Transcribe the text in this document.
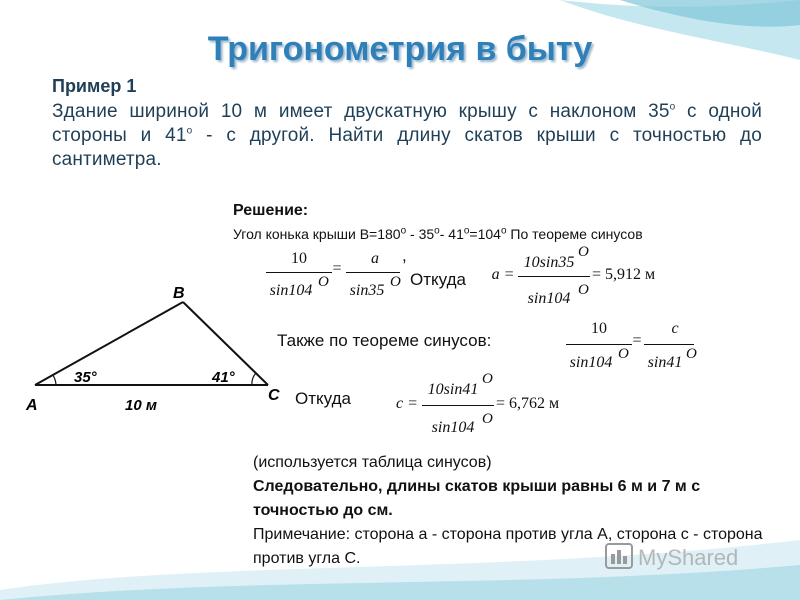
Тригонометрия в быту
Пример 1
Здание шириной 10 м имеет двускатную крышу с наклоном $35^о$ с одной стороны и $41^о$ - с другой. Найти длину скатов крыши с точностью до сантиметра.
Решение:
Угол конька крыши $В=180^о - 35^о-$ $41^о=104^о$ По теореме синусов
10
sin104 O
=
a
sin35 O
,
Откуда a =
10sin35
O
sin104 O
= 5,912 м
Также по теореме синусов:
10
sin104 O
=
c
sin41 O
Откуда	c =
10sin41
O
sin104 O
= 6,762 м
A
B
C
35°	41°
10 м
(используется таблица синусов)
Следовательно, длины скатов крыши равны 6 м и 7 м с точностью до см.
Примечание: сторона а - сторона против угла А, сторона с - сторона против угла С.	MyShared
